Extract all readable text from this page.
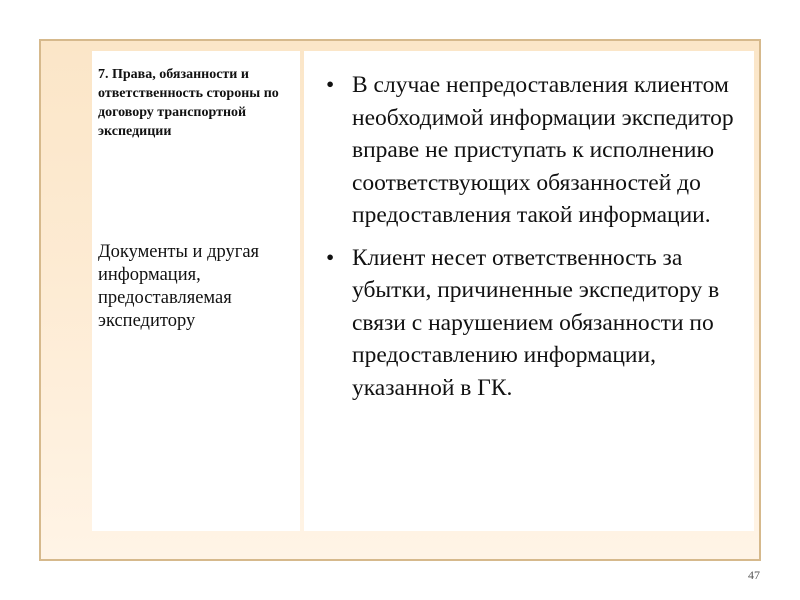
7. Права, обязанности и ответственность стороны по договору транспортной экспедиции

Документы и другая информация, предоставляемая экспедитору

• В случае непредоставления клиентом необходимой информации экспедитор вправе не приступать к исполнению соответствующих обязанностей до предоставления такой информации.
• Клиент несет ответственность за убытки, причиненные экспедитору в связи с нарушением обязанности по предоставлению информации, указанной в ГК.
47
